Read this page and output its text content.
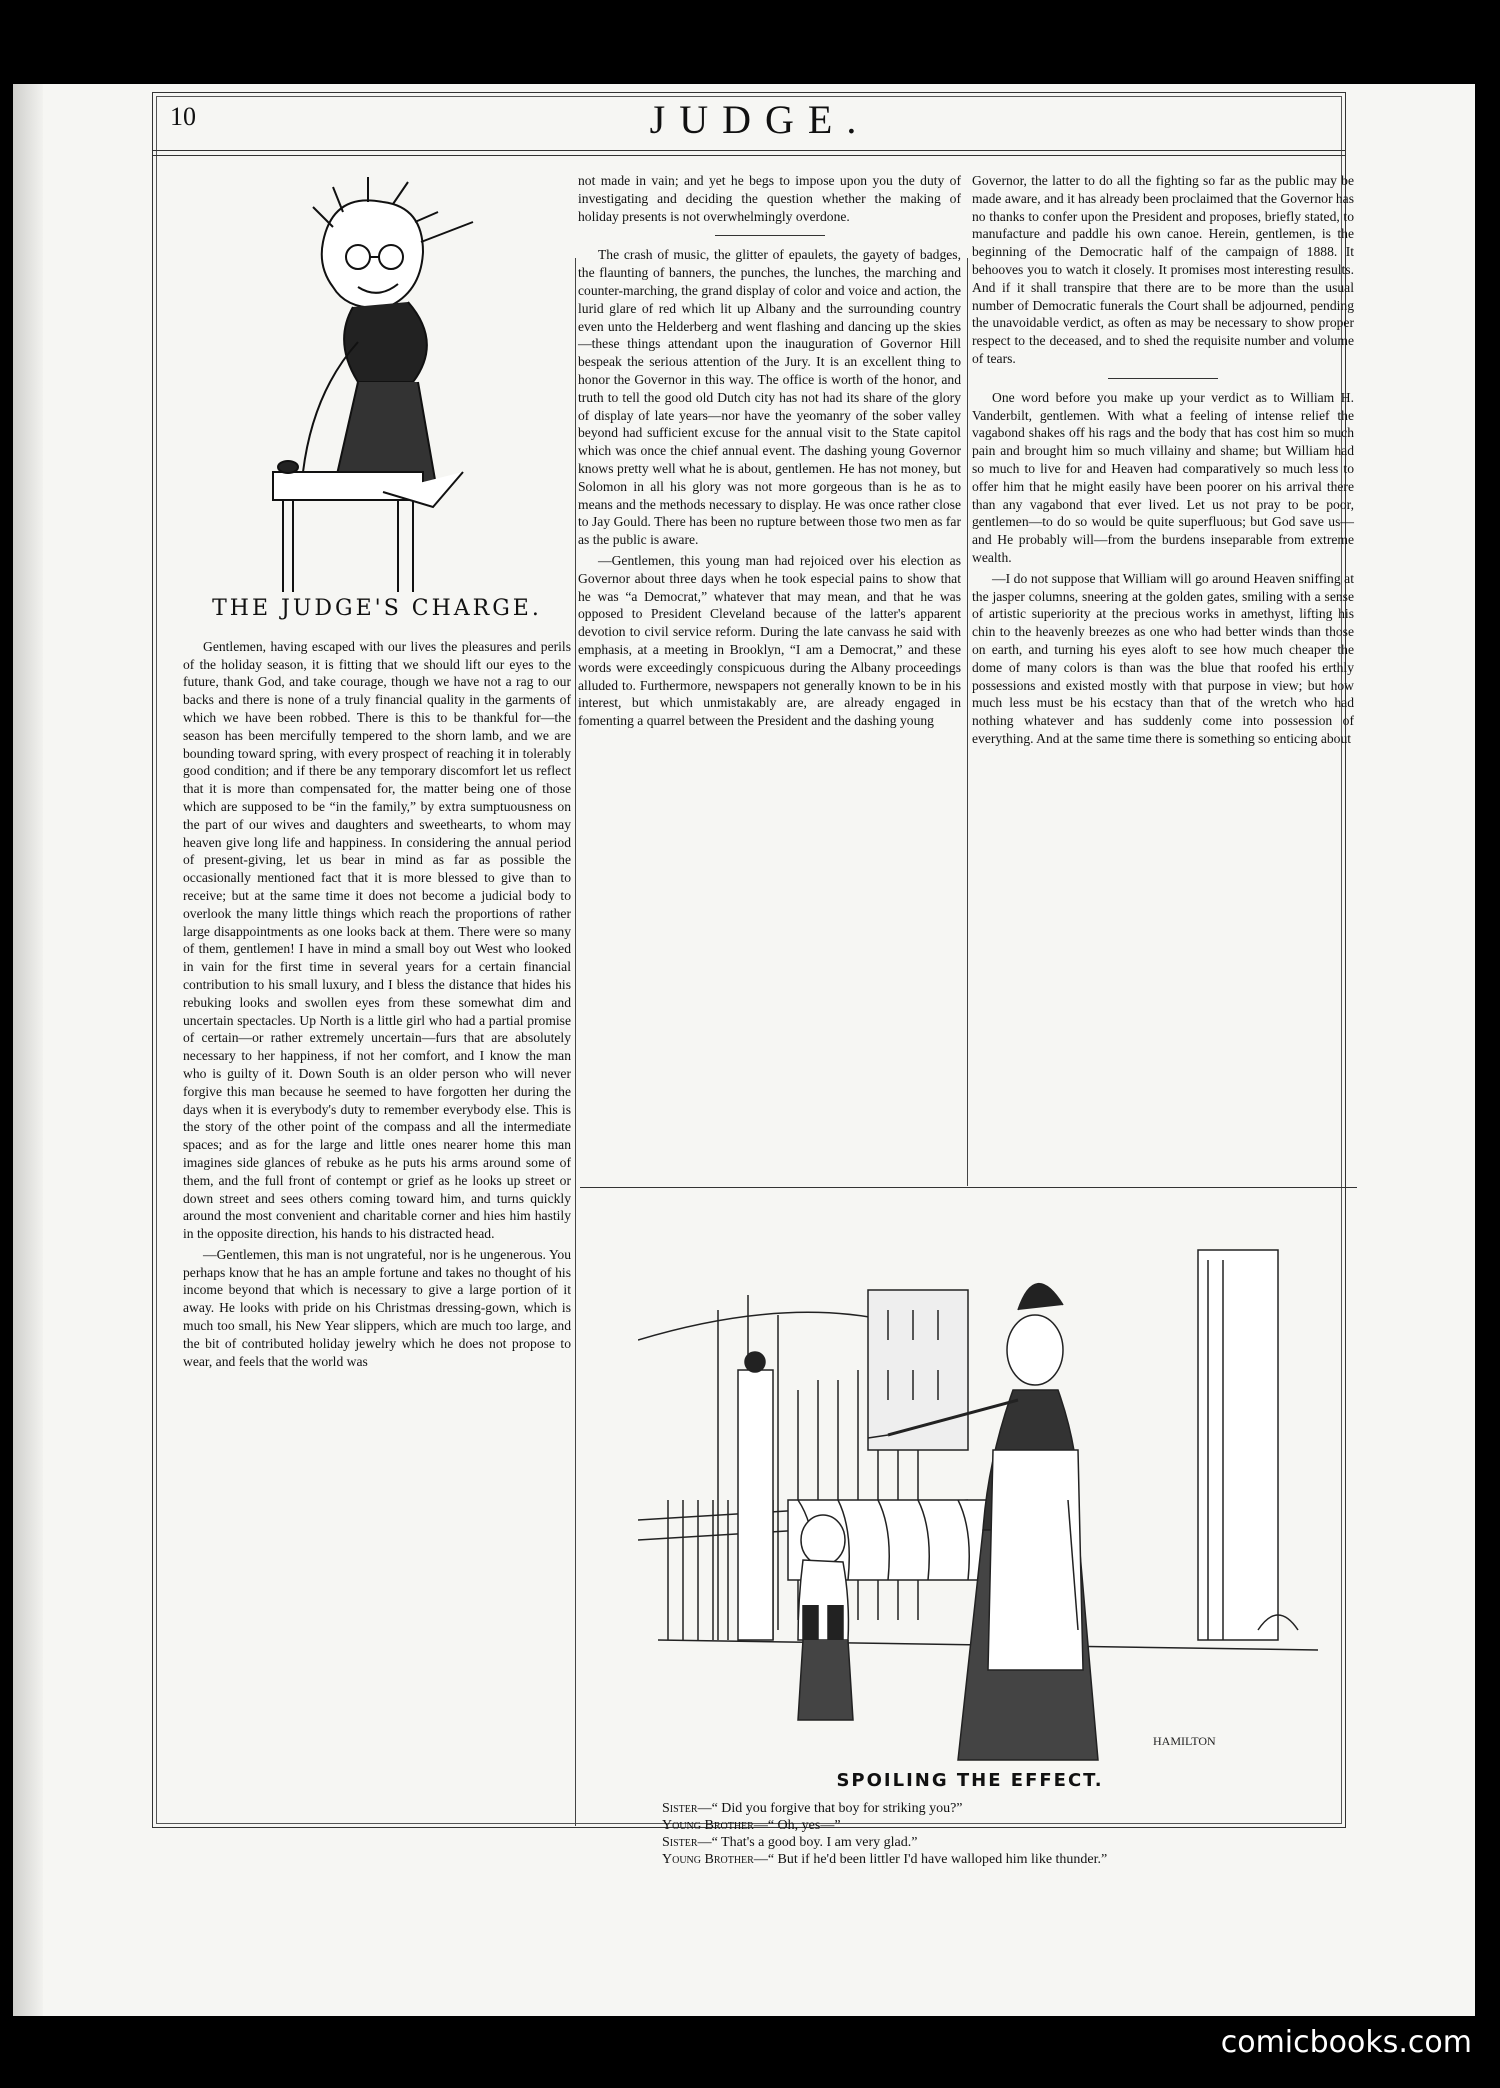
10	JUDGE.
THE JUDGE'S CHARGE.

Gentlemen, having escaped with our lives the pleasures and perils of the holiday season, it is fitting that we should lift our eyes to the future, thank God, and take courage, though we have not a rag to our backs and there is none of a truly financial quality in the garments of which we have been robbed. There is this to be thankful for—the season has been mercifully tempered to the shorn lamb, and we are bounding toward spring, with every prospect of reaching it in tolerably good condition; and if there be any temporary discomfort let us reflect that it is more than compensated for, the matter being one of those which are supposed to be “in the family,” by extra sumptuousness on the part of our wives and daughters and sweethearts, to whom may heaven give long life and happiness. In considering the annual period of present-giving, let us bear in mind as far as possible the occasionally mentioned fact that it is more blessed to give than to receive; but at the same time it does not become a judicial body to overlook the many little things which reach the proportions of rather large disappointments as one looks back at them. There were so many of them, gentlemen! I have in mind a small boy out West who looked in vain for the first time in several years for a certain financial contribution to his small luxury, and I bless the distance that hides his rebuking looks and swollen eyes from these somewhat dim and uncertain spectacles. Up North is a little girl who had a partial promise of certain—or rather extremely uncertain—furs that are absolutely necessary to her happiness, if not her comfort, and I know the man who is guilty of it. Down South is an older person who will never forgive this man because he seemed to have forgotten her during the days when it is everybody's duty to remember everybody else. This is the story of the other point of the compass and all the intermediate spaces; and as for the large and little ones nearer home this man imagines side glances of rebuke as he puts his arms around some of them, and the full front of contempt or grief as he looks up street or down street and sees others coming toward him, and turns quickly around the most convenient and charitable corner and hies him hastily in the opposite direction, his hands to his distracted head.

—Gentlemen, this man is not ungrateful, nor is he ungenerous. You perhaps know that he has an ample fortune and takes no thought of his income beyond that which is necessary to give a large portion of it away. He looks with pride on his Christmas dressing-gown, which is much too small, his New Year slippers, which are much too large, and the bit of contributed holiday jewelry which he does not propose to wear, and feels that the world was

not made in vain; and yet he begs to impose upon you the duty of investigating and deciding the question whether the making of holiday presents is not overwhelmingly overdone.

The crash of music, the glitter of epaulets, the gayety of badges, the flaunting of banners, the punches, the lunches, the marching and counter-marching, the grand display of color and voice and action, the lurid glare of red which lit up Albany and the surrounding country even unto the Helderberg and went flashing and dancing up the skies—these things attendant upon the inauguration of Governor Hill bespeak the serious attention of the Jury. It is an excellent thing to honor the Governor in this way. The office is worth of the honor, and truth to tell the good old Dutch city has not had its share of the glory of display of late years—nor have the yeomanry of the sober valley beyond had sufficient excuse for the annual visit to the State capitol which was once the chief annual event. The dashing young Governor knows pretty well what he is about, gentlemen. He has not money, but Solomon in all his glory was not more gorgeous than is he as to means and the methods necessary to display. He was once rather close to Jay Gould. There has been no rupture between those two men as far as the public is aware.

—Gentlemen, this young man had rejoiced over his election as Governor about three days when he took especial pains to show that he was “a Democrat,” whatever that may mean, and that he was opposed to President Cleveland because of the latter's apparent devotion to civil service reform. During the late canvass he said with emphasis, at a meeting in Brooklyn, “I am a Democrat,” and these words were exceedingly conspicuous during the Albany proceedings alluded to. Furthermore, newspapers not generally known to be in his interest, but which unmistakably are, are already engaged in fomenting a quarrel between the President and the dashing young

Governor, the latter to do all the fighting so far as the public may be made aware, and it has already been proclaimed that the Governor has no thanks to confer upon the President and proposes, briefly stated, to manufacture and paddle his own canoe. Herein, gentlemen, is the beginning of the Democratic half of the campaign of 1888. It behooves you to watch it closely. It promises most interesting results. And if it shall transpire that there are to be more than the usual number of Democratic funerals the Court shall be adjourned, pending the unavoidable verdict, as often as may be necessary to show proper respect to the deceased, and to shed the requisite number and volume of tears.

One word before you make up your verdict as to William H. Vanderbilt, gentlemen. With what a feeling of intense relief the vagabond shakes off his rags and the body that has cost him so much pain and brought him so much villainy and shame; but William had so much to live for and Heaven had comparatively so much less to offer him that he might easily have been poorer on his arrival there than any vagabond that ever lived. Let us not pray to be poor, gentlemen—to do so would be quite superfluous; but God save us—and He probably will—from the burdens inseparable from extreme wealth.

—I do not suppose that William will go around Heaven sniffing at the jasper columns, sneering at the golden gates, smiling with a sense of artistic superiority at the precious works in amethyst, lifting his chin to the heavenly breezes as one who had better winds than those on earth, and turning his eyes aloft to see how much cheaper the dome of many colors is than was the blue that roofed his erthly possessions and existed mostly with that purpose in view; but how much less must be his ecstacy than that of the wretch who had nothing whatever and has suddenly come into possession of everything. And at the same time there is something so enticing about

HAMILTON
SPOILING THE EFFECT.
Sister—“ Did you forgive that boy for striking you?”
Young Brother—“ Oh, yes—”
Sister—“ That's a good boy. I am very glad.”
Young Brother—“ But if he'd been littler I'd have walloped him like thunder.”
comicbooks.com
